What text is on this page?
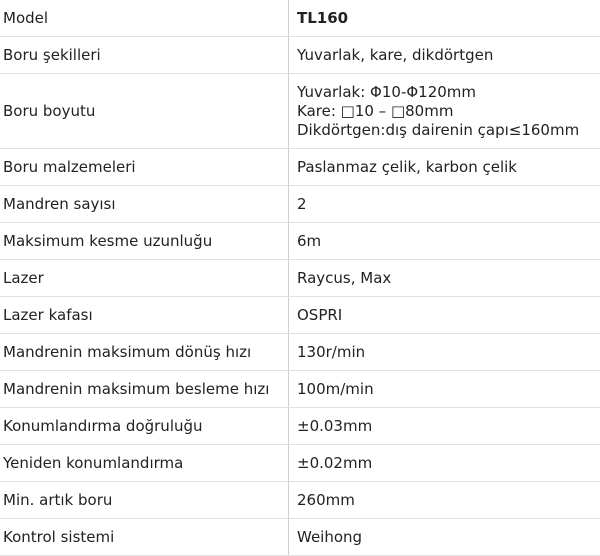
Model	TL160
Boru şekilleri	Yuvarlak, kare, dikdörtgen
Boru boyutu	Yuvarlak: Φ10-Φ120mm
Kare: □10 – □80mm
Dikdörtgen:dış dairenin çapı≤160mm

Boru malzemeleri	Paslanmaz çelik, karbon çelik
Mandren sayısı	2
Maksimum kesme uzunluğu	6m
Lazer	Raycus, Max
Lazer kafası	OSPRI
Mandrenin maksimum dönüş hızı	130r/min
Mandrenin maksimum besleme hızı	100m/min
Konumlandırma doğruluğu	±0.03mm
Yeniden konumlandırma	±0.02mm
Min. artık boru	260mm
Kontrol sistemi	Weihong
